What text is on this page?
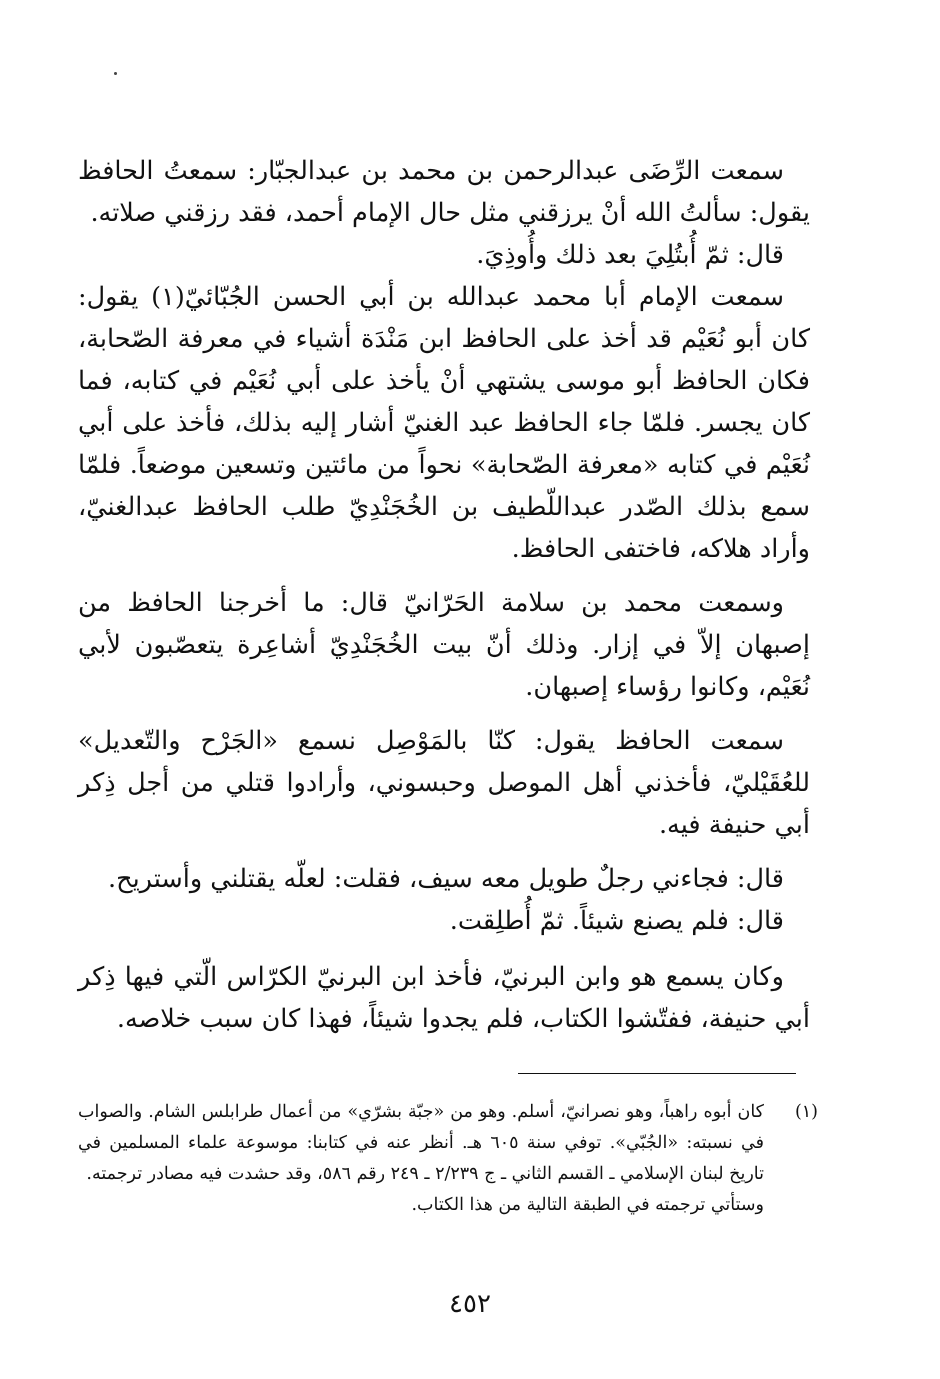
سمعت الرِّضَى عبدالرحمن بن محمد بن عبدالجبّار: سمعتُ الحافظ يقول: سألتُ الله أنْ يرزقني مثل حال الإمام أحمد، فقد رزقني صلاته.

قال: ثمّ أُبتُلِيَ بعد ذلك وأُوذِيَ.

سمعت الإمام أبا محمد عبدالله بن أبي الحسن الجُبّائيّ(١) يقول: كان أبو نُعَيْم قد أخذ على الحافظ ابن مَنْدَة أشياء في معرفة الصّحابة، فكان الحافظ أبو موسى يشتهي أنْ يأخذ على أبي نُعَيْم في كتابه، فما كان يجسر. فلمّا جاء الحافظ عبد الغنيّ أشار إليه بذلك، فأخذ على أبي نُعَيْم في كتابه «معرفة الصّحابة» نحواً من مائتين وتسعين موضعاً. فلمّا سمع بذلك الصّدر عبداللّطيف بن الخُجَنْدِيّ طلب الحافظ عبدالغنيّ، وأراد هلاكه، فاختفى الحافظ.

وسمعت محمد بن سلامة الحَرّانيّ قال: ما أخرجنا الحافظ من إصبهان إلاّ في إزار. وذلك أنّ بيت الخُجَنْدِيّ أشاعِرة يتعصّبون لأبي نُعَيْم، وكانوا رؤساء إصبهان.

سمعت الحافظ يقول: كنّا بالمَوْصِل نسمع «الجَرْح والتّعديل» للعُقَيْليّ، فأخذني أهل الموصل وحبسوني، وأرادوا قتلي من أجل ذِكر أبي حنيفة فيه.

قال: فجاءني رجلٌ طويل معه سيف، فقلت: لعلّه يقتلني وأستريح.

قال: فلم يصنع شيئاً. ثمّ أُطلِقت.

وكان يسمع هو وابن البرنيّ، فأخذ ابن البرنيّ الكرّاس الّتي فيها ذِكر أبي حنيفة، ففتّشوا الكتاب، فلم يجدوا شيئاً، فهذا كان سبب خلاصه.

(١)

كان أبوه راهباً، وهو نصرانيّ، أسلم. وهو من «جبّة بشرّي» من أعمال طرابلس الشام. والصواب في نسبته: «الجُبّي». توفي سنة ٦٠٥ هـ. أنظر عنه في كتابنا: موسوعة علماء المسلمين في تاريخ لبنان الإسلامي ـ القسم الثاني ـ ج ٢/٢٣٩ ـ ٢٤٩ رقم ٥٨٦، وقد حشدت فيه مصادر ترجمته.

وستأتي ترجمته في الطبقة التالية من هذا الكتاب.

٤٥٢
